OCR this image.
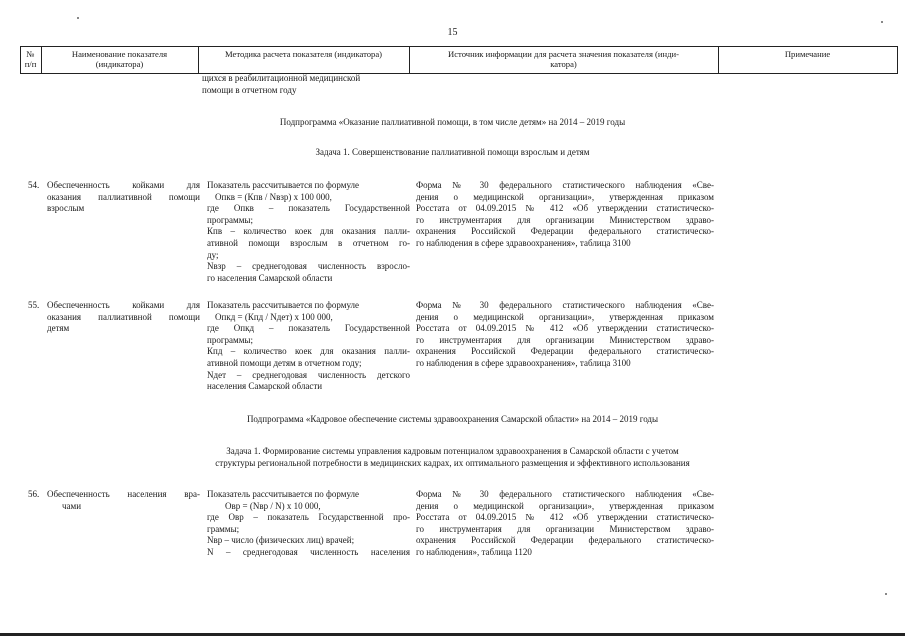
15
№
п/п
Наименование показателя
(индикатора)
Методика расчета показателя (индикатора)	Источник информации для расчета значения показателя (инди-
катора)
Примечание
щихся в реабилитационной медицинской
помощи в отчетном году
Подпрограмма «Оказание паллиативной помощи, в том числе детям» на 2014 – 2019 годы
Задача 1. Совершенствование паллиативной помощи взрослым и детям
54. Обеспеченность койками для
оказания паллиативной помощи
взрослым
Показатель рассчитывается по формуле
Опкв = (Кпв / Nвзр) x 100 000,
где Опкв – показатель Государственной
программы;
Кпв – количество коек для оказания палли-
ативной помощи взрослым в отчетном го-
ду;
Nвзр – среднегодовая численность взросло-
го населения Самарской области
Форма № 30 федерального статистического наблюдения «Све-
дения о медицинской организации», утвержденная приказом
Росстата от 04.09.2015 № 412 «Об утверждении статистическо-
го инструментария для организации Министерством здраво-
охранения Российской Федерации федерального статистическо-
го наблюдения в сфере здравоохранения», таблица 3100
55. Обеспеченность койками для
оказания паллиативной помощи
детям
Показатель рассчитывается по формуле
Опкд = (Кпд / Nдет) x 100 000,
где Опкд – показатель Государственной
программы;
Кпд – количество коек для оказания палли-
ативной помощи детям в отчетном году;
Nдет – среднегодовая численность детского
населения Самарской области
Форма № 30 федерального статистического наблюдения «Све-
дения о медицинской организации», утвержденная приказом
Росстата от 04.09.2015 № 412 «Об утверждении статистическо-
го инструментария для организации Министерством здраво-
охранения Российской Федерации федерального статистическо-
го наблюдения в сфере здравоохранения», таблица 3100
Подпрограмма «Кадровое обеспечение системы здравоохранения Самарской области» на 2014 – 2019 годы
Задача 1. Формирование системы управления кадровым потенциалом здравоохранения в Самарской области с учетом
структуры региональной потребности в медицинских кадрах, их оптимального размещения и эффективного использования
56. Обеспеченность населения вра-
чами
Показатель рассчитывается по формуле
Овр = (Nвр / N) x 10 000,
где Овр – показатель Государственной про-
граммы;
Nвр – число (физических лиц) врачей;
N – среднегодовая численность населения
Форма № 30 федерального статистического наблюдения «Све-
дения о медицинской организации», утвержденная приказом
Росстата от 04.09.2015 № 412 «Об утверждении статистическо-
го инструментария для организации Министерством здраво-
охранения Российской Федерации федерального статистическо-
го наблюдения», таблица 1120
